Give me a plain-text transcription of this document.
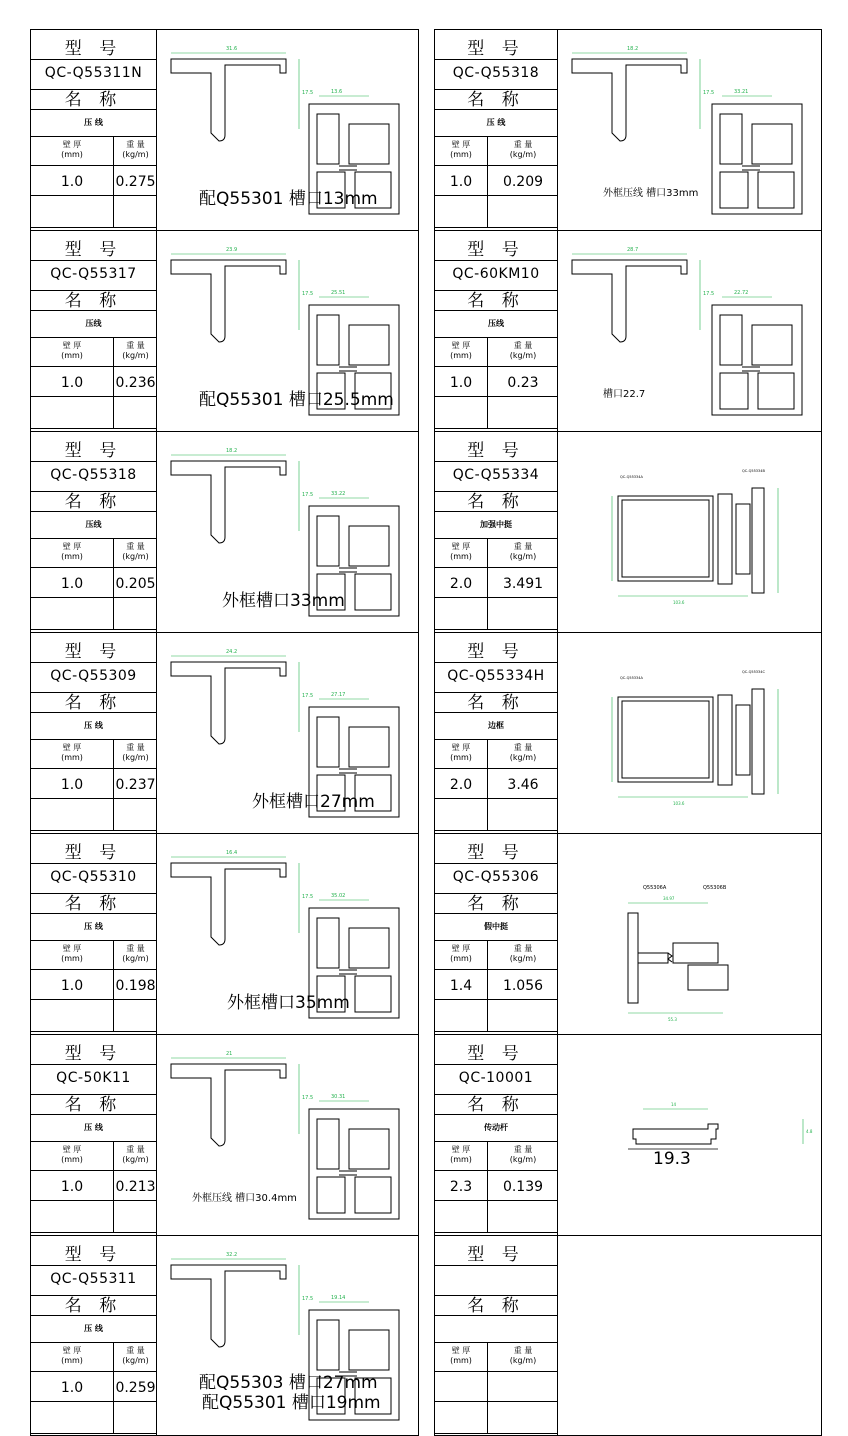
型 号
QC-Q55311N
名 称
压 线
壁 厚
(mm)
重 量
(kg/m)
1.0	0.275
31.6
17.5	13.6
配Q55301 槽口13mm
型 号
QC-Q55317
名 称
压线
壁 厚
(mm)
重 量
(kg/m)
1.0	0.236
23.9
17.5	25.51
配Q55301 槽口25.5mm
型 号
QC-Q55318
名 称
压线
壁 厚
(mm)
重 量
(kg/m)
1.0	0.205
18.2
17.5	33.22
外框槽口33mm
型 号
QC-Q55309
名 称
压 线
壁 厚
(mm)
重 量
(kg/m)
1.0	0.237
24.2
17.5	27.17
外框槽口27mm
型 号
QC-Q55310
名 称
压 线
壁 厚
(mm)
重 量
(kg/m)
1.0	0.198
16.4
17.5	35.02
外框槽口35mm
型 号
QC-50K11
名 称
压 线
壁 厚
(mm)
重 量
(kg/m)
1.0	0.213
21
17.5	30.31
外框压线 槽口30.4mm
型 号
QC-Q55311
名 称
压 线
壁 厚
(mm)
重 量
(kg/m)
1.0	0.259
32.2
17.5	19.14
配Q55303 槽口27mm
配Q55301 槽口19mm
型 号
QC-Q55318
名 称
压 线
壁 厚
(mm)
重 量
(kg/m)
1.0	0.209
18.2
17.5	33.21
外框压线 槽口33mm
型 号
QC-60KM10
名 称
压线
壁 厚
(mm)
重 量
(kg/m)
1.0	0.23
28.7
17.5	22.72
槽口22.7
型 号
QC-Q55334
名 称
加强中挺
壁 厚
(mm)
重 量
(kg/m)
2.0	3.491
103.6
QC-Q55334A
QC-Q55334B
型 号
QC-Q55334H
名 称
边框
壁 厚
(mm)
重 量
(kg/m)
2.0	3.46
103.6
QC-Q55334A
QC-Q55334C
型 号
QC-Q55306
名 称
假中挺
壁 厚
(mm)
重 量
(kg/m)
1.4	1.056
34.97
55.3
Q55306A	Q55306B
型 号
QC-10001
名 称
传动杆
壁 厚
(mm)
重 量
(kg/m)
2.3	0.139
14
4.8
19.3
型 号
名 称
壁 厚
(mm)
重 量
(kg/m)
